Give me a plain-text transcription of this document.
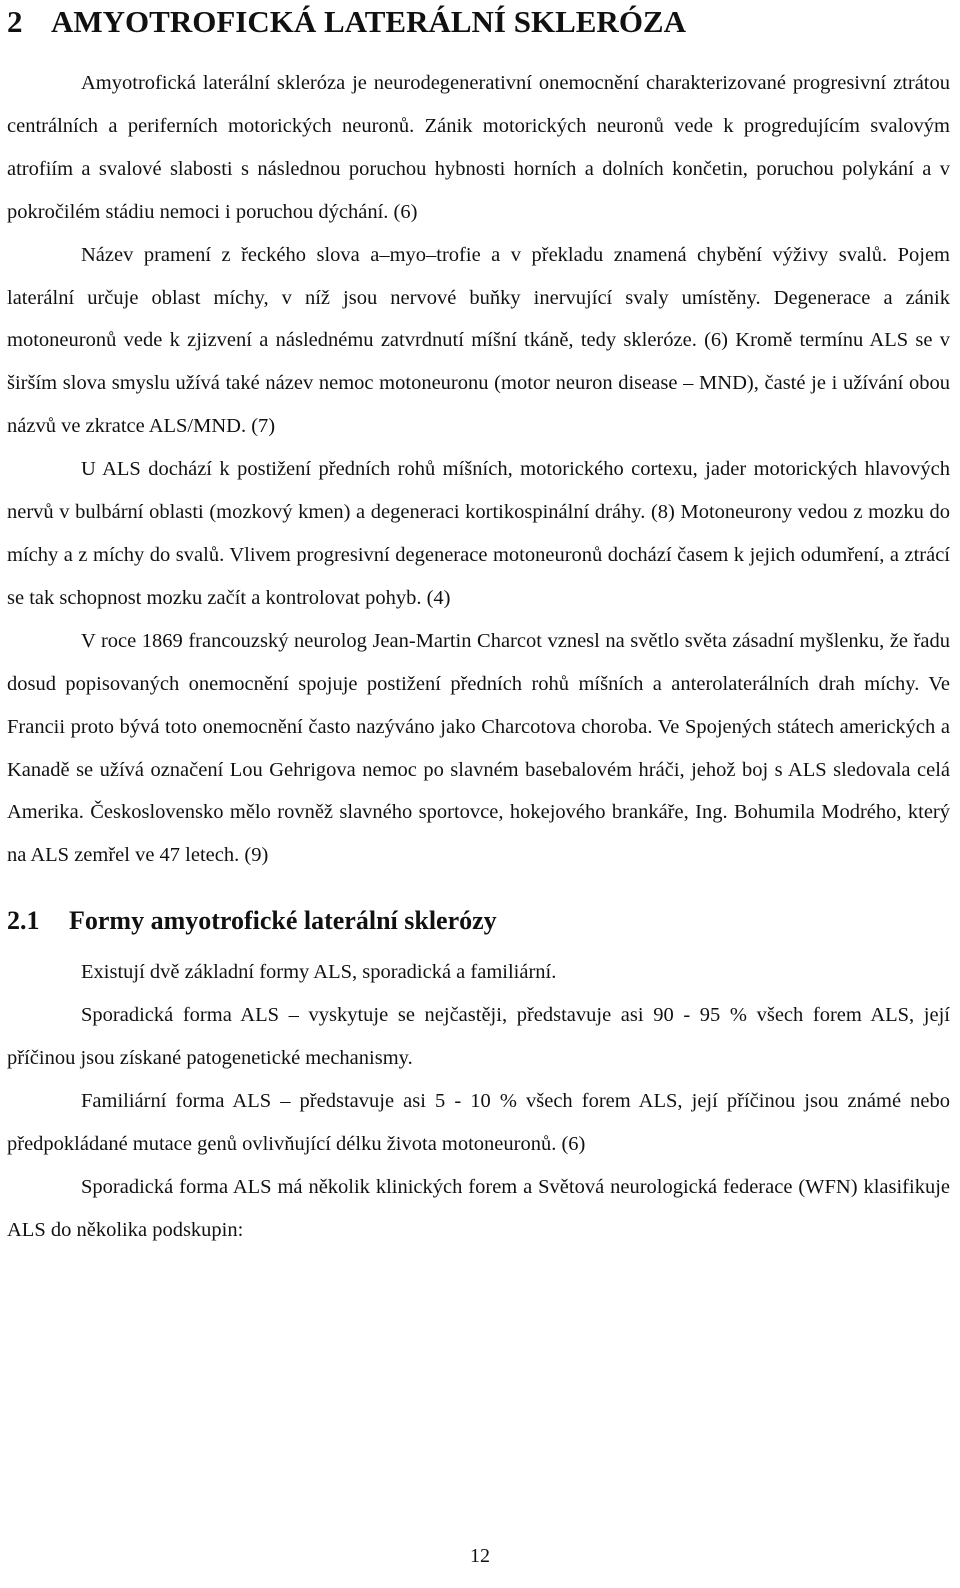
2 AMYOTROFICKÁ LATERÁLNÍ SKLERÓZA

Amyotrofická laterální skleróza je neurodegenerativní onemocnění charakterizované progresivní ztrátou centrálních a periferních motorických neuronů. Zánik motorických neuronů vede k progredujícím svalovým atrofiím a svalové slabosti s následnou poruchou hybnosti horních a dolních končetin, poruchou polykání a v pokročilém stádiu nemoci i poruchou dýchání. (6)

Název pramení z řeckého slova a–myo–trofie a v překladu znamená chybění výživy svalů. Pojem laterální určuje oblast míchy, v níž jsou nervové buňky inervující svaly umístěny. Degenerace a zánik motoneuronů vede k zjizvení a následnému zatvrdnutí míšní tkáně, tedy skleróze. (6) Kromě termínu ALS se v širším slova smyslu užívá také název nemoc motoneuronu (motor neuron disease – MND), časté je i užívání obou názvů ve zkratce ALS/MND. (7)

U ALS dochází k postižení předních rohů míšních, motorického cortexu, jader motorických hlavových nervů v bulbární oblasti (mozkový kmen) a degeneraci kortikospinální dráhy. (8) Motoneurony vedou z mozku do míchy a z míchy do svalů. Vlivem progresivní degenerace motoneuronů dochází časem k jejich odumření, a ztrácí se tak schopnost mozku začít a kontrolovat pohyb. (4)

V roce 1869 francouzský neurolog Jean-Martin Charcot vznesl na světlo světa zásadní myšlenku, že řadu dosud popisovaných onemocnění spojuje postižení předních rohů míšních a anterolaterálních drah míchy. Ve Francii proto bývá toto onemocnění často nazýváno jako Charcotova choroba. Ve Spojených státech amerických a Kanadě se užívá označení Lou Gehrigova nemoc po slavném basebalovém hráči, jehož boj s ALS sledovala celá Amerika. Československo mělo rovněž slavného sportovce, hokejového brankáře, Ing. Bohumila Modrého, který na ALS zemřel ve 47 letech. (9)

2.1 Formy amyotrofické laterální sklerózy

Existují dvě základní formy ALS, sporadická a familiární.

Sporadická forma ALS – vyskytuje se nejčastěji, představuje asi 90 - 95 % všech forem ALS, její příčinou jsou získané patogenetické mechanismy.

Familiární forma ALS – představuje asi 5 - 10 % všech forem ALS, její příčinou jsou známé nebo předpokládané mutace genů ovlivňující délku života motoneuronů. (6)

Sporadická forma ALS má několik klinických forem a Světová neurologická federace (WFN) klasifikuje ALS do několika podskupin:

12
